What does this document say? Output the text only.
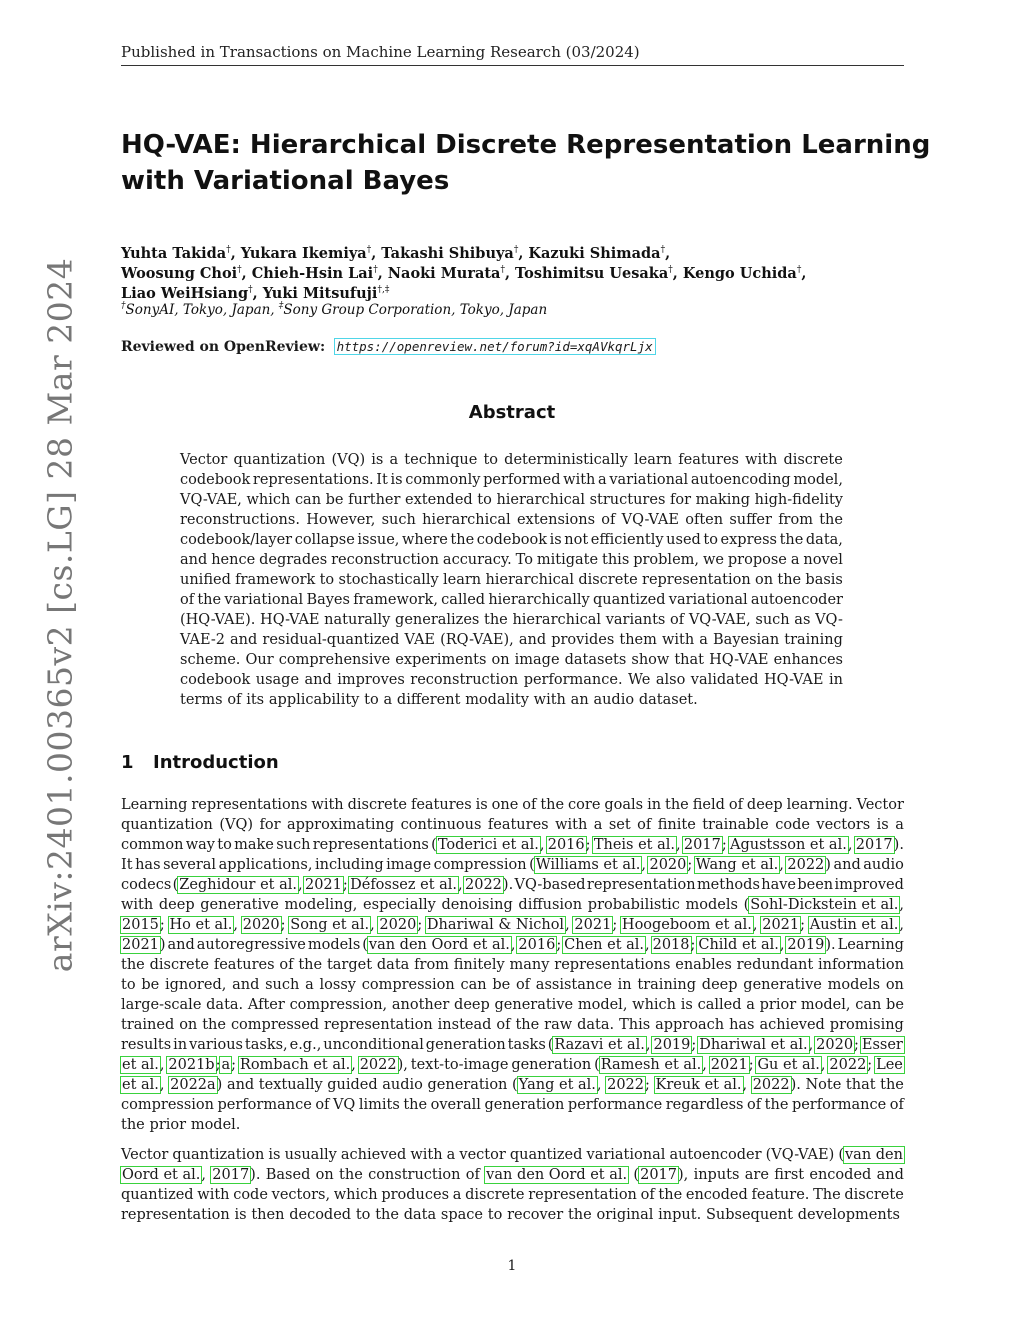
Published in Transactions on Machine Learning Research (03/2024)
arXiv:2401.00365v2 [cs.LG] 28 Mar 2024
HQ-VAE: Hierarchical Discrete Representation Learning
with Variational Bayes
Yuhta Takida†, Yukara Ikemiya†, Takashi Shibuya†, Kazuki Shimada†,
Woosung Choi†, Chieh-Hsin Lai†, Naoki Murata†, Toshimitsu Uesaka†, Kengo Uchida†,
Liao WeiHsiang†, Yuki Mitsufuji†,‡
†SonyAI, Tokyo, Japan, ‡Sony Group Corporation, Tokyo, Japan
Reviewed on OpenReview: https://openreview.net/forum?id=xqAVkqrLjx
Abstract
Vector quantization (VQ) is a technique to deterministically learn features with discrete
codebook representations. It is commonly performed with a variational autoencoding model,
VQ-VAE, which can be further extended to hierarchical structures for making high-fidelity
reconstructions. However, such hierarchical extensions of VQ-VAE often suffer from the
codebook/layer collapse issue, where the codebook is not efficiently used to express the data,
and hence degrades reconstruction accuracy. To mitigate this problem, we propose a novel
unified framework to stochastically learn hierarchical discrete representation on the basis
of the variational Bayes framework, called hierarchically quantized variational autoencoder
(HQ-VAE). HQ-VAE naturally generalizes the hierarchical variants of VQ-VAE, such as VQ-
VAE-2 and residual-quantized VAE (RQ-VAE), and provides them with a Bayesian training
scheme. Our comprehensive experiments on image datasets show that HQ-VAE enhances
codebook usage and improves reconstruction performance. We also validated HQ-VAE in
terms of its applicability to a different modality with an audio dataset.
1 Introduction
Learning representations with discrete features is one of the core goals in the field of deep learning. Vector
quantization (VQ) for approximating continuous features with a set of finite trainable code vectors is a
common way to make such representations (Toderici et al., 2016; Theis et al., 2017; Agustsson et al., 2017).
It has several applications, including image compression (Williams et al., 2020; Wang et al., 2022) and audio
codecs (Zeghidour et al., 2021; Défossez et al., 2022). VQ-based representation methods have been improved
with deep generative modeling, especially denoising diffusion probabilistic models (Sohl-Dickstein et al.,
2015; Ho et al., 2020; Song et al., 2020; Dhariwal & Nichol, 2021; Hoogeboom et al., 2021; Austin et al.,
2021) and autoregressive models (van den Oord et al., 2016; Chen et al., 2018; Child et al., 2019). Learning
the discrete features of the target data from finitely many representations enables redundant information
to be ignored, and such a lossy compression can be of assistance in training deep generative models on
large-scale data. After compression, another deep generative model, which is called a prior model, can be
trained on the compressed representation instead of the raw data. This approach has achieved promising
results in various tasks, e.g., unconditional generation tasks (Razavi et al., 2019; Dhariwal et al., 2020; Esser
et al., 2021b;a; Rombach et al., 2022), text-to-image generation (Ramesh et al., 2021; Gu et al., 2022; Lee
et al., 2022a) and textually guided audio generation (Yang et al., 2022; Kreuk et al., 2022). Note that the
compression performance of VQ limits the overall generation performance regardless of the performance of
the prior model.
Vector quantization is usually achieved with a vector quantized variational autoencoder (VQ-VAE) (van den
Oord et al., 2017). Based on the construction of van den Oord et al. (2017), inputs are first encoded and
quantized with code vectors, which produces a discrete representation of the encoded feature. The discrete
representation is then decoded to the data space to recover the original input. Subsequent developments
1
